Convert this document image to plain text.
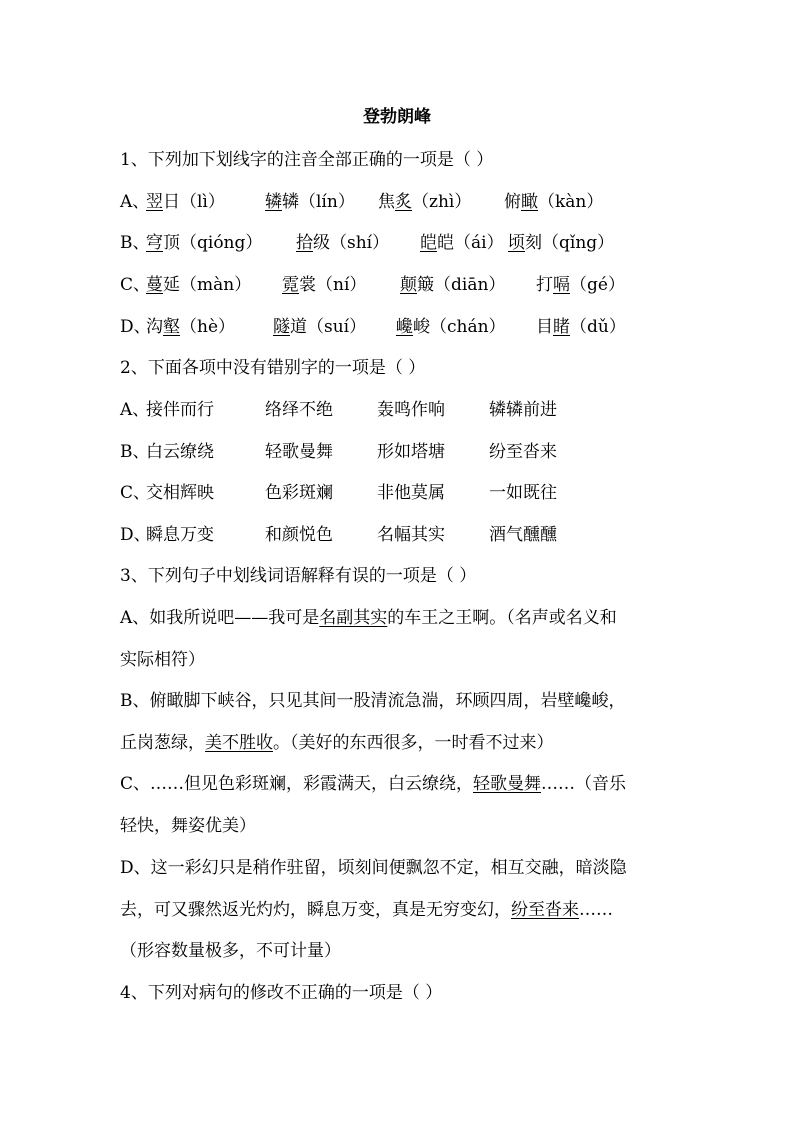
登勃朗峰
1、下列加下划线字的注音全部正确的一项是（ ）
A、翌日（lì） 辚辚（lín） 焦炙（zhì） 俯瞰（kàn）
B、穹顶（qióng） 拾级（shí） 皑皑（ái） 顷刻（qǐng）
C、蔓延（màn） 霓裳（ní） 颠簸（diān） 打嗝（gé）
D、沟壑（hè） 隧道（suí） 巉峻（chán） 目睹（dǔ）
2、下面各项中没有错别字的一项是（ ）
A、接伴而行	络绎不绝	轰鸣作响	辚辚前进
B、白云缭绕	轻歌曼舞	形如塔塘	纷至沓来
C、交相辉映	色彩斑斓	非他莫属	一如既往
D、瞬息万变	和颜悦色	名幅其实	酒气醺醺
3、下列句子中划线词语解释有误的一项是（ ）
A、如我所说吧——我可是名副其实的车王之王啊。（名声或名义和
实际相符）
B、俯瞰脚下峡谷，只见其间一股清流急湍，环顾四周，岩壁巉峻，
丘岗葱绿，美不胜收。（美好的东西很多，一时看不过来）
C、……但见色彩斑斓，彩霞满天，白云缭绕，轻歌曼舞……（音乐
轻快，舞姿优美）
D、这一彩幻只是稍作驻留，顷刻间便飘忽不定，相互交融，暗淡隐
去，可又骤然返光灼灼，瞬息万变，真是无穷变幻，纷至沓来……
（形容数量极多，不可计量）
4、下列对病句的修改不正确的一项是（ ）
